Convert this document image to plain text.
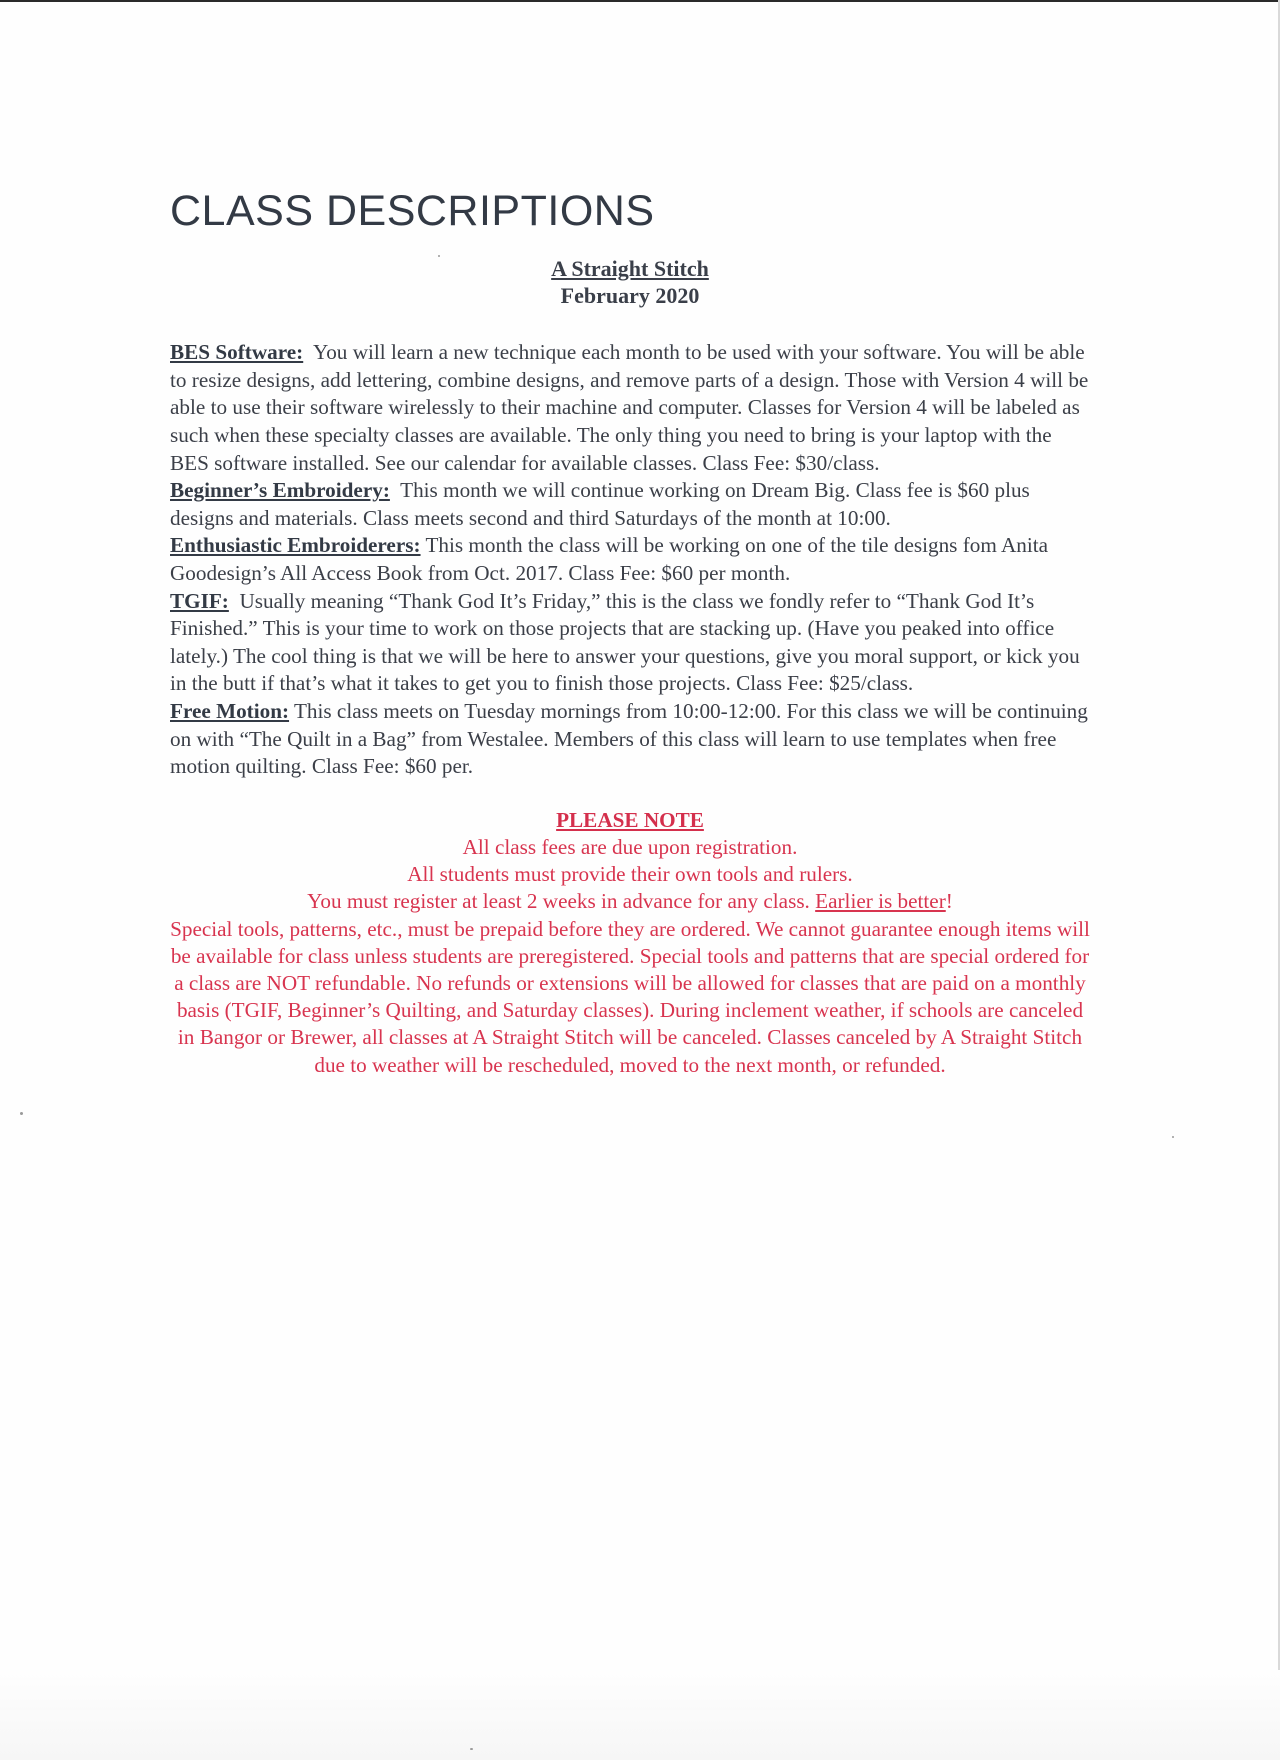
CLASS DESCRIPTIONS
A Straight Stitch
February 2020

BES Software: You will learn a new technique each month to be used with your software. You will be able to resize designs, add lettering, combine designs, and remove parts of a design. Those with Version 4 will be able to use their software wirelessly to their machine and computer. Classes for Version 4 will be labeled as such when these specialty classes are available. The only thing you need to bring is your laptop with the BES software installed. See our calendar for available classes. Class Fee: $30/class.

Beginner’s Embroidery: This month we will continue working on Dream Big. Class fee is $60 plus designs and materials. Class meets second and third Saturdays of the month at 10:00.

Enthusiastic Embroiderers: This month the class will be working on one of the tile designs fom Anita Goodesign’s All Access Book from Oct. 2017. Class Fee: $60 per month.

TGIF: Usually meaning “Thank God It’s Friday,” this is the class we fondly refer to “Thank God It’s Finished.” This is your time to work on those projects that are stacking up. (Have you peaked into office lately.) The cool thing is that we will be here to answer your questions, give you moral support, or kick you in the butt if that’s what it takes to get you to finish those projects. Class Fee: $25/class.

Free Motion: This class meets on Tuesday mornings from 10:00-12:00. For this class we will be continuing on with “The Quilt in a Bag” from Westalee. Members of this class will learn to use templates when free motion quilting. Class Fee: $60 per.

PLEASE NOTE

All class fees are due upon registration.

All students must provide their own tools and rulers.

You must register at least 2 weeks in advance for any class. Earlier is better!

Special tools, patterns, etc., must be prepaid before they are ordered. We cannot guarantee enough items will be available for class unless students are preregistered. Special tools and patterns that are special ordered for a class are NOT refundable. No refunds or extensions will be allowed for classes that are paid on a monthly basis (TGIF, Beginner’s Quilting, and Saturday classes). During inclement weather, if schools are canceled in Bangor or Brewer, all classes at A Straight Stitch will be canceled. Classes canceled by A Straight Stitch due to weather will be rescheduled, moved to the next month, or refunded.
